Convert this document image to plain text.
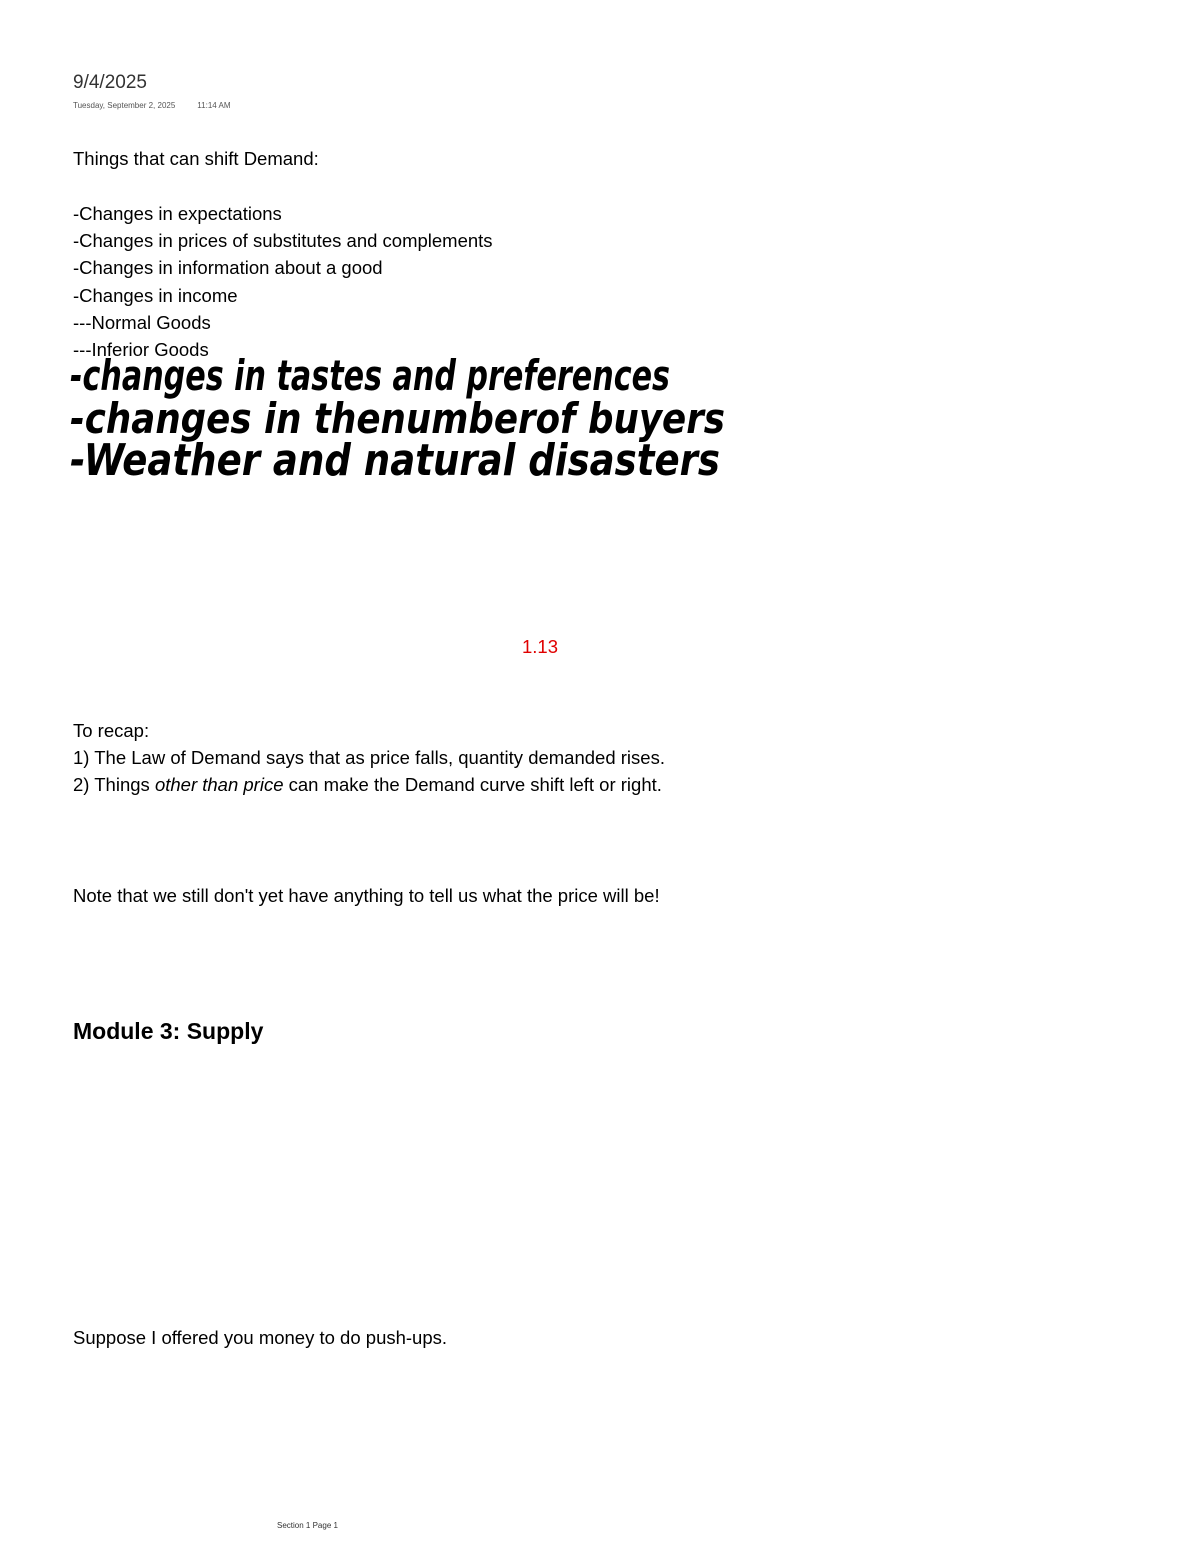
9/4/2025
Tuesday, September 2, 2025	11:14 AM
Things that can shift Demand:
-Changes in expectations
-Changes in prices of substitutes and complements
-Changes in information about a good
-Changes in income
---Normal Goods
---Inferior Goods
-changes in tastes and preferences
-changes in thenumberof buyers
-Weather and natural disasters
1.13
To recap:
1) The Law of Demand says that as price falls, quantity demanded rises.
2) Things other than price can make the Demand curve shift left or right.
Note that we still don't yet have anything to tell us what the price will be!
Module 3: Supply
Suppose I offered you money to do push-ups.
Section 1 Page 1
